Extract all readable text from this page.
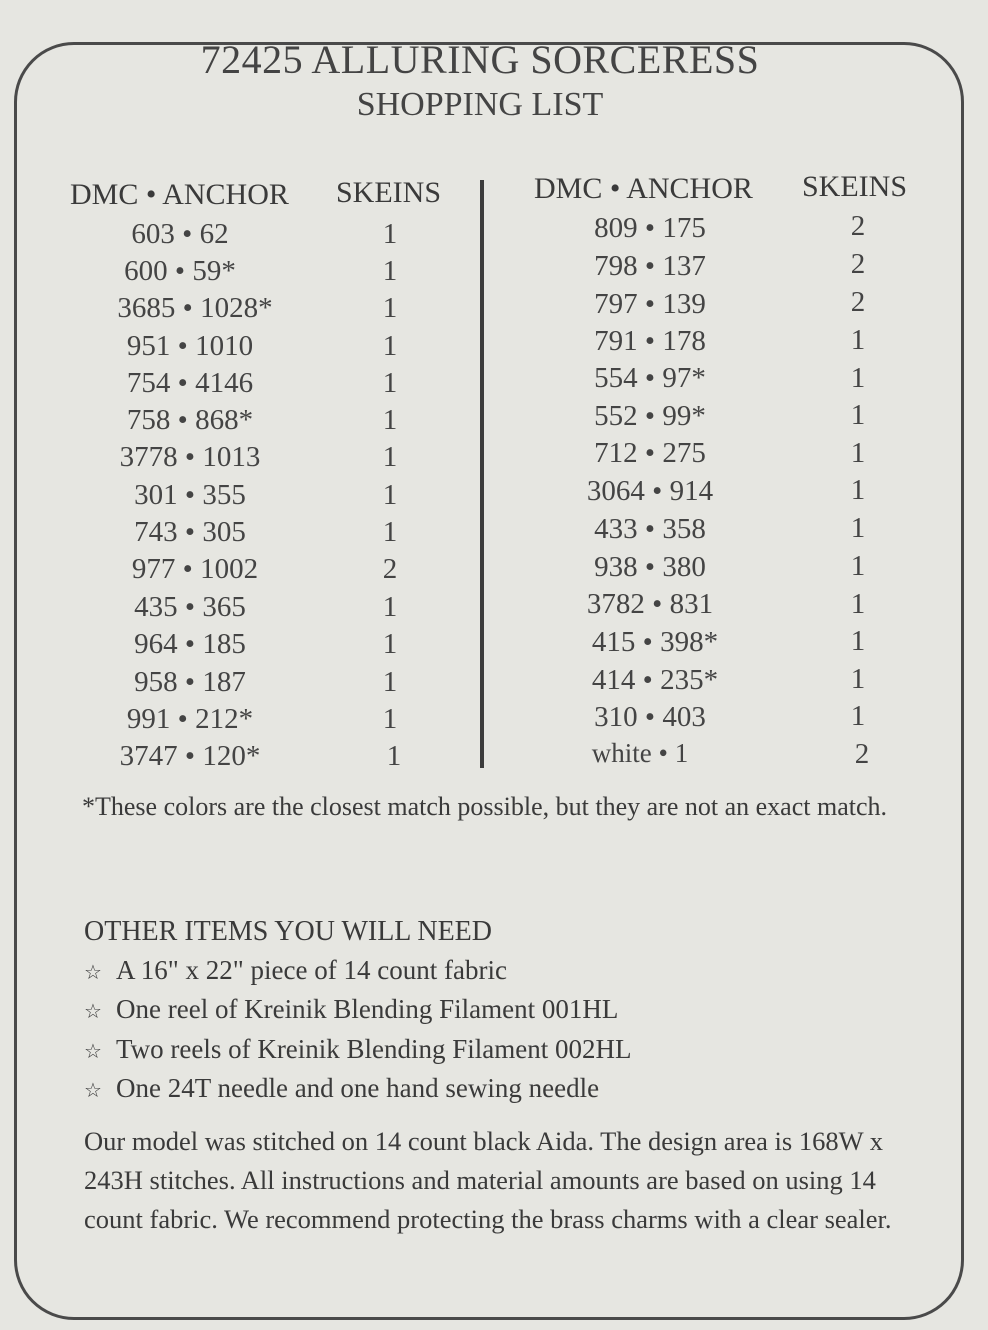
72425 ALLURING SORCERESS
SHOPPING LIST
DMC • ANCHOR SKEINS	DMC • ANCHOR SKEINS
603 • 62	1
600 • 59*	1
3685 • 1028*	1
951 • 1010	1
754 • 4146	1
758 • 868*	1
3778 • 1013	1
301 • 355	1
743 • 305	1
977 • 1002	2
435 • 365	1
964 • 185	1
958 • 187	1
991 • 212*	1
3747 • 120*	1
809 • 175	2
798 • 137	2
797 • 139	2
791 • 178	1
554 • 97*	1
552 • 99*	1
712 • 275	1
3064 • 914	1
433 • 358	1
938 • 380	1
3782 • 831	1
415 • 398*	1
414 • 235*	1
310 • 403	1
white • 1	2
*These colors are the closest match possible, but they are not an exact match.
OTHER ITEMS YOU WILL NEED
☆ A 16" x 22" piece of 14 count fabric
☆ One reel of Kreinik Blending Filament 001HL
☆ Two reels of Kreinik Blending Filament 002HL
☆ One 24T needle and one hand sewing needle
Our model was stitched on 14 count black Aida. The design area is 168W x 243H stitches. All instructions and material amounts are based on using 14 count fabric. We recommend protecting the brass charms with a clear sealer.
